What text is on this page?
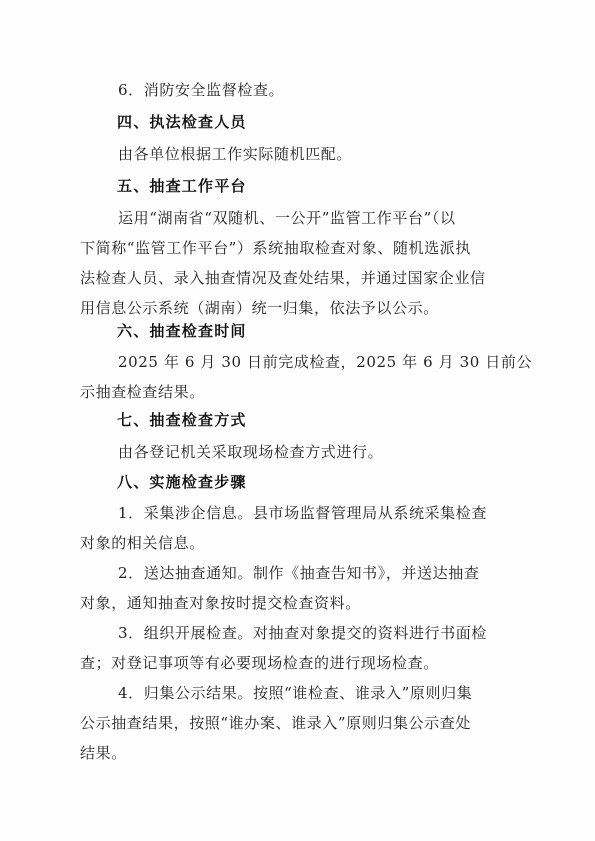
6．消防安全监督检查。
四、执法检查人员
由各单位根据工作实际随机匹配。
五、抽查工作平台
运用“湖南省“双随机、一公开”监管工作平台”（以
下简称“监管工作平台”）系统抽取检查对象、随机选派执
法检查人员、录入抽查情况及查处结果，并通过国家企业信
用信息公示系统（湖南）统一归集，依法予以公示。
六、抽查检查时间
2025 年 6 月 30 日前完成检查，2025 年 6 月 30 日前公
示抽查检查结果。
七、抽查检查方式
由各登记机关采取现场检查方式进行。
八、实施检查步骤
1．采集涉企信息。县市场监督管理局从系统采集检查
对象的相关信息。
2．送达抽查通知。制作《抽查告知书》，并送达抽查
对象，通知抽查对象按时提交检查资料。
3．组织开展检查。对抽查对象提交的资料进行书面检
查；对登记事项等有必要现场检查的进行现场检查。
4．归集公示结果。按照“谁检查、谁录入”原则归集
公示抽查结果，按照“谁办案、谁录入”原则归集公示查处
结果。
